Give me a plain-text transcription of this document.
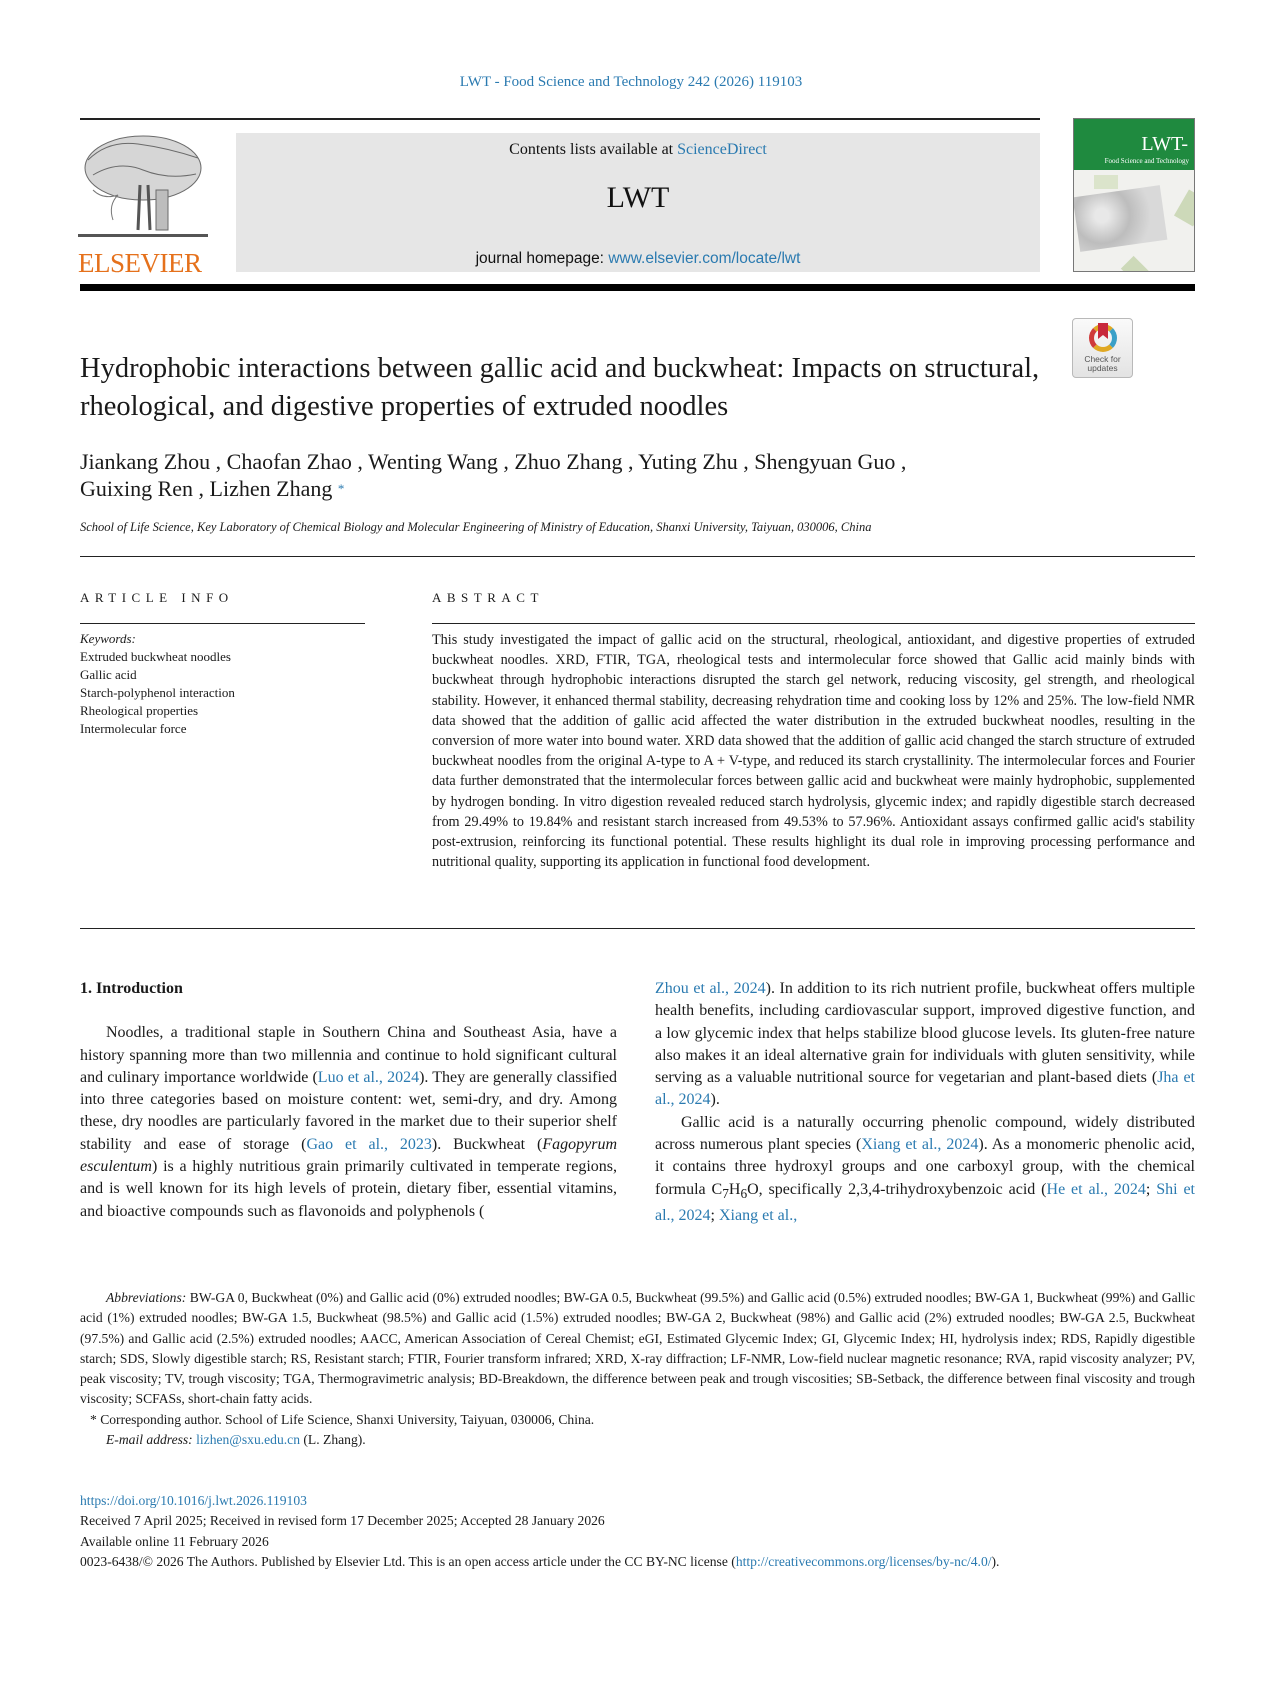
LWT - Food Science and Technology 242 (2026) 119103
ELSEVIER
Contents lists available at ScienceDirect
LWT
journal homepage: www.elsevier.com/locate/lwt
LWT-
Food Science and Technology
Check for
updates
Hydrophobic interactions between gallic acid and buckwheat: Impacts on structural, rheological, and digestive properties of extruded noodles
Jiankang Zhou , Chaofan Zhao , Wenting Wang , Zhuo Zhang , Yuting Zhu , Shengyuan Guo ,
Guixing Ren , Lizhen Zhang *
School of Life Science, Key Laboratory of Chemical Biology and Molecular Engineering of Ministry of Education, Shanxi University, Taiyuan, 030006, China
ARTICLE INFO
Keywords:
Extruded buckwheat noodles
Gallic acid
Starch-polyphenol interaction
Rheological properties
Intermolecular force
ABSTRACT

This study investigated the impact of gallic acid on the structural, rheological, antioxidant, and digestive properties of extruded buckwheat noodles. XRD, FTIR, TGA, rheological tests and intermolecular force showed that Gallic acid mainly binds with buckwheat through hydrophobic interactions disrupted the starch gel network, reducing viscosity, gel strength, and rheological stability. However, it enhanced thermal stability, decreasing rehydration time and cooking loss by 12% and 25%. The low-field NMR data showed that the addition of gallic acid affected the water distribution in the extruded buckwheat noodles, resulting in the conversion of more water into bound water. XRD data showed that the addition of gallic acid changed the starch structure of extruded buckwheat noodles from the original A-type to A + V-type, and reduced its starch crystallinity. The intermolecular forces and Fourier data further demonstrated that the intermolecular forces between gallic acid and buckwheat were mainly hydrophobic, supplemented by hydrogen bonding. In vitro digestion revealed reduced starch hydrolysis, glycemic index; and rapidly digestible starch decreased from 29.49% to 19.84% and resistant starch increased from 49.53% to 57.96%. Antioxidant assays confirmed gallic acid's stability post-extrusion, reinforcing its functional potential. These results highlight its dual role in improving processing performance and nutritional quality, supporting its application in functional food development.

1. Introduction

Noodles, a traditional staple in Southern China and Southeast Asia, have a history spanning more than two millennia and continue to hold significant cultural and culinary importance worldwide (Luo et al., 2024). They are generally classified into three categories based on moisture content: wet, semi-dry, and dry. Among these, dry noodles are particularly favored in the market due to their superior shelf stability and ease of storage (Gao et al., 2023). Buckwheat (Fagopyrum esculentum) is a highly nutritious grain primarily cultivated in temperate regions, and is well known for its high levels of protein, dietary fiber, essential vitamins, and bioactive compounds such as flavonoids and polyphenols (

Zhou et al., 2024). In addition to its rich nutrient profile, buckwheat offers multiple health benefits, including cardiovascular support, improved digestive function, and a low glycemic index that helps stabilize blood glucose levels. Its gluten-free nature also makes it an ideal alternative grain for individuals with gluten sensitivity, while serving as a valuable nutritional source for vegetarian and plant-based diets (Jha et al., 2024).

Gallic acid is a naturally occurring phenolic compound, widely distributed across numerous plant species (Xiang et al., 2024). As a monomeric phenolic acid, it contains three hydroxyl groups and one carboxyl group, with the chemical formula $C_7H_6O$, specifically 2,3,4-trihydroxybenzoic acid (He et al., 2024; Shi et al., 2024; Xiang et al.,

Abbreviations: BW-GA 0, Buckwheat (0%) and Gallic acid (0%) extruded noodles; BW-GA 0.5, Buckwheat (99.5%) and Gallic acid (0.5%) extruded noodles; BW-GA 1, Buckwheat (99%) and Gallic acid (1%) extruded noodles; BW-GA 1.5, Buckwheat (98.5%) and Gallic acid (1.5%) extruded noodles; BW-GA 2, Buckwheat (98%) and Gallic acid (2%) extruded noodles; BW-GA 2.5, Buckwheat (97.5%) and Gallic acid (2.5%) extruded noodles; AACC, American Association of Cereal Chemist; eGI, Estimated Glycemic Index; GI, Glycemic Index; HI, hydrolysis index; RDS, Rapidly digestible starch; SDS, Slowly digestible starch; RS, Resistant starch; FTIR, Fourier transform infrared; XRD, X-ray diffraction; LF-NMR, Low-field nuclear magnetic resonance; RVA, rapid viscosity analyzer; PV, peak viscosity; TV, trough viscosity; TGA, Thermogravimetric analysis; BD-Breakdown, the difference between peak and trough viscosities; SB-Setback, the difference between final viscosity and trough viscosity; SCFASs, short-chain fatty acids.

* Corresponding author. School of Life Science, Shanxi University, Taiyuan, 030006, China.

E-mail address: lizhen@sxu.edu.cn (L. Zhang).

https://doi.org/10.1016/j.lwt.2026.119103
Received 7 April 2025; Received in revised form 17 December 2025; Accepted 28 January 2026
Available online 11 February 2026
0023-6438/© 2026 The Authors. Published by Elsevier Ltd. This is an open access article under the CC BY-NC license (http://creativecommons.org/licenses/by-nc/4.0/).
